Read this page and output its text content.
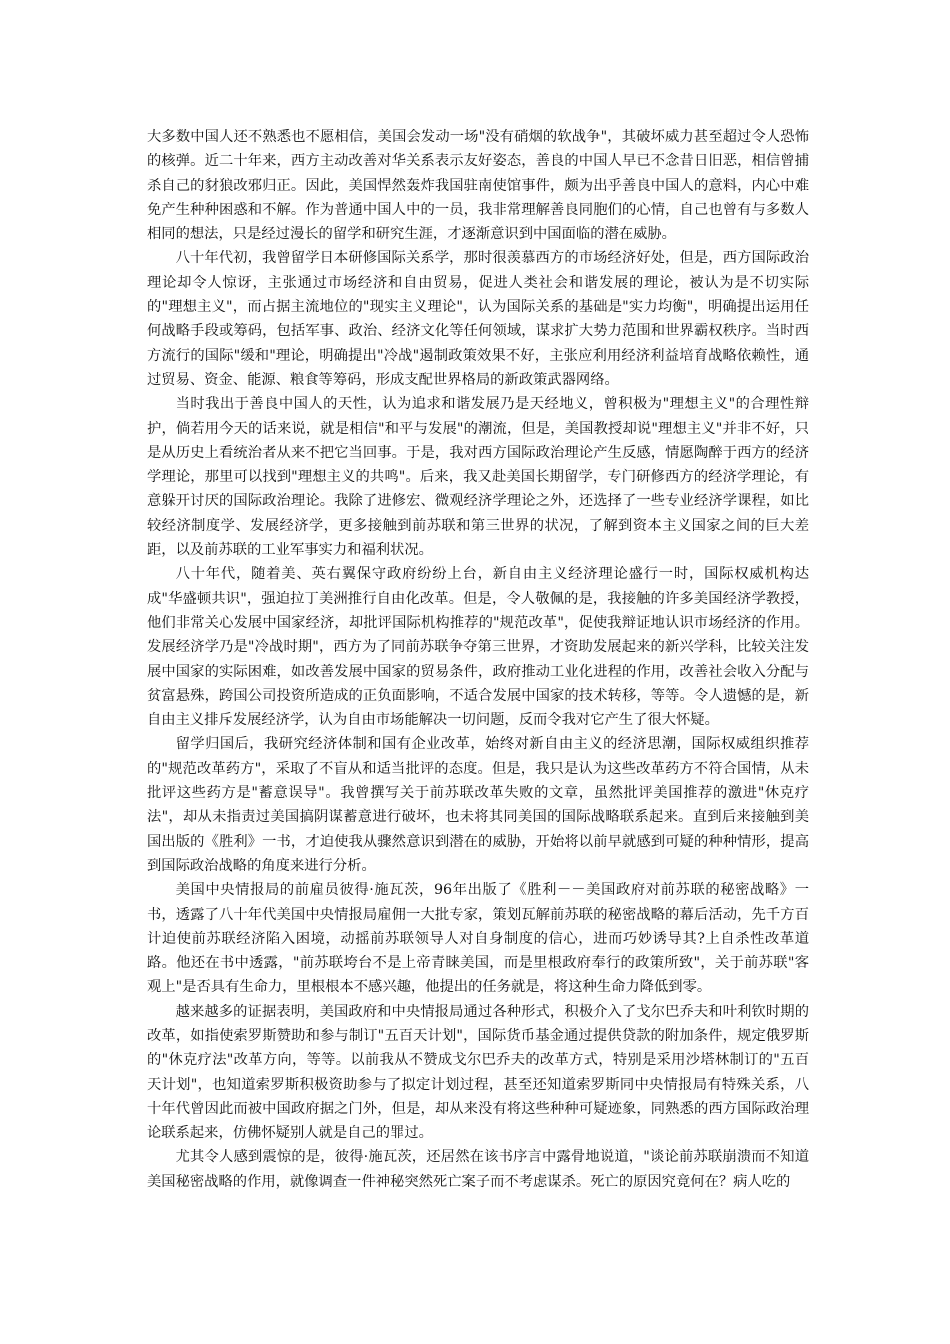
大多数中国人还不熟悉也不愿相信，美国会发动一场"没有硝烟的软战争"，其破坏威力甚至超过令人恐怖的核弹。近二十年来，西方主动改善对华关系表示友好姿态，善良的中国人早已不念昔日旧恶，相信曾捕杀自己的豺狼改邪归正。因此，美国悍然轰炸我国驻南使馆事件，颇为出乎善良中国人的意料，内心中难免产生种种困惑和不解。作为普通中国人中的一员，我非常理解善良同胞们的心情，自己也曾有与多数人相同的想法，只是经过漫长的留学和研究生涯，才逐渐意识到中国面临的潜在威胁。

八十年代初，我曾留学日本研修国际关系学，那时很羡慕西方的市场经济好处，但是，西方国际政治理论却令人惊讶，主张通过市场经济和自由贸易，促进人类社会和谐发展的理论，被认为是不切实际的"理想主义"，而占据主流地位的"现实主义理论"，认为国际关系的基础是"实力均衡"，明确提出运用任何战略手段或筹码，包括军事、政治、经济文化等任何领域，谋求扩大势力范围和世界霸权秩序。当时西方流行的国际"缓和"理论，明确提出"冷战"遏制政策效果不好，主张应利用经济利益培育战略依赖性，通过贸易、资金、能源、粮食等筹码，形成支配世界格局的新政策武器网络。

当时我出于善良中国人的天性，认为追求和谐发展乃是天经地义，曾积极为"理想主义"的合理性辩护，倘若用今天的话来说，就是相信"和平与发展"的潮流，但是，美国教授却说"理想主义"并非不好，只是从历史上看统治者从来不把它当回事。于是，我对西方国际政治理论产生反感，情愿陶醉于西方的经济学理论，那里可以找到"理想主义的共鸣"。后来，我又赴美国长期留学，专门研修西方的经济学理论，有意躲开讨厌的国际政治理论。我除了进修宏、微观经济学理论之外，还选择了一些专业经济学课程，如比较经济制度学、发展经济学，更多接触到前苏联和第三世界的状况，了解到资本主义国家之间的巨大差距，以及前苏联的工业军事实力和福利状况。

八十年代，随着美、英右翼保守政府纷纷上台，新自由主义经济理论盛行一时，国际权威机构达成"华盛顿共识"，强迫拉丁美洲推行自由化改革。但是，令人敬佩的是，我接触的许多美国经济学教授，他们非常关心发展中国家经济，却批评国际机构推荐的"规范改革"，促使我辩证地认识市场经济的作用。发展经济学乃是"冷战时期"，西方为了同前苏联争夺第三世界，才资助发展起来的新兴学科，比较关注发展中国家的实际困难，如改善发展中国家的贸易条件，政府推动工业化进程的作用，改善社会收入分配与贫富悬殊，跨国公司投资所造成的正负面影响，不适合发展中国家的技术转移，等等。令人遗憾的是，新自由主义排斥发展经济学，认为自由市场能解决一切问题，反而令我对它产生了很大怀疑。

留学归国后，我研究经济体制和国有企业改革，始终对新自由主义的经济思潮，国际权威组织推荐的"规范改革药方"，采取了不盲从和适当批评的态度。但是，我只是认为这些改革药方不符合国情，从未批评这些药方是"蓄意误导"。我曾撰写关于前苏联改革失败的文章，虽然批评美国推荐的激进"休克疗法"，却从未指责过美国搞阴谋蓄意进行破坏，也未将其同美国的国际战略联系起来。直到后来接触到美国出版的《胜利》一书，才迫使我从骤然意识到潜在的威胁，开始将以前早就感到可疑的种种情形，提高到国际政治战略的角度来进行分析。

美国中央情报局的前雇员彼得·施瓦茨，96年出版了《胜利－－美国政府对前苏联的秘密战略》一书，透露了八十年代美国中央情报局雇佣一大批专家，策划瓦解前苏联的秘密战略的幕后活动，先千方百计迫使前苏联经济陷入困境，动摇前苏联领导人对自身制度的信心，进而巧妙诱导其?上自杀性改革道路。他还在书中透露，"前苏联垮台不是上帝青睐美国，而是里根政府奉行的政策所致"，关于前苏联"客观上"是否具有生命力，里根根本不感兴趣，他提出的任务就是，将这种生命力降低到零。

越来越多的证据表明，美国政府和中央情报局通过各种形式，积极介入了戈尔巴乔夫和叶利钦时期的改革，如指使索罗斯赞助和参与制订"五百天计划"，国际货币基金通过提供贷款的附加条件，规定俄罗斯的"休克疗法"改革方向，等等。以前我从不赞成戈尔巴乔夫的改革方式，特别是采用沙塔林制订的"五百天计划"，也知道索罗斯积极资助参与了拟定计划过程，甚至还知道索罗斯同中央情报局有特殊关系，八十年代曾因此而被中国政府据之门外，但是，却从来没有将这些种种可疑迹象，同熟悉的西方国际政治理论联系起来，仿佛怀疑别人就是自己的罪过。

尤其令人感到震惊的是，彼得·施瓦茨，还居然在该书序言中露骨地说道，"谈论前苏联崩溃而不知道美国秘密战略的作用，就像调查一件神秘突然死亡案子而不考虑谋杀。死亡的原因究竟何在？病人吃的
